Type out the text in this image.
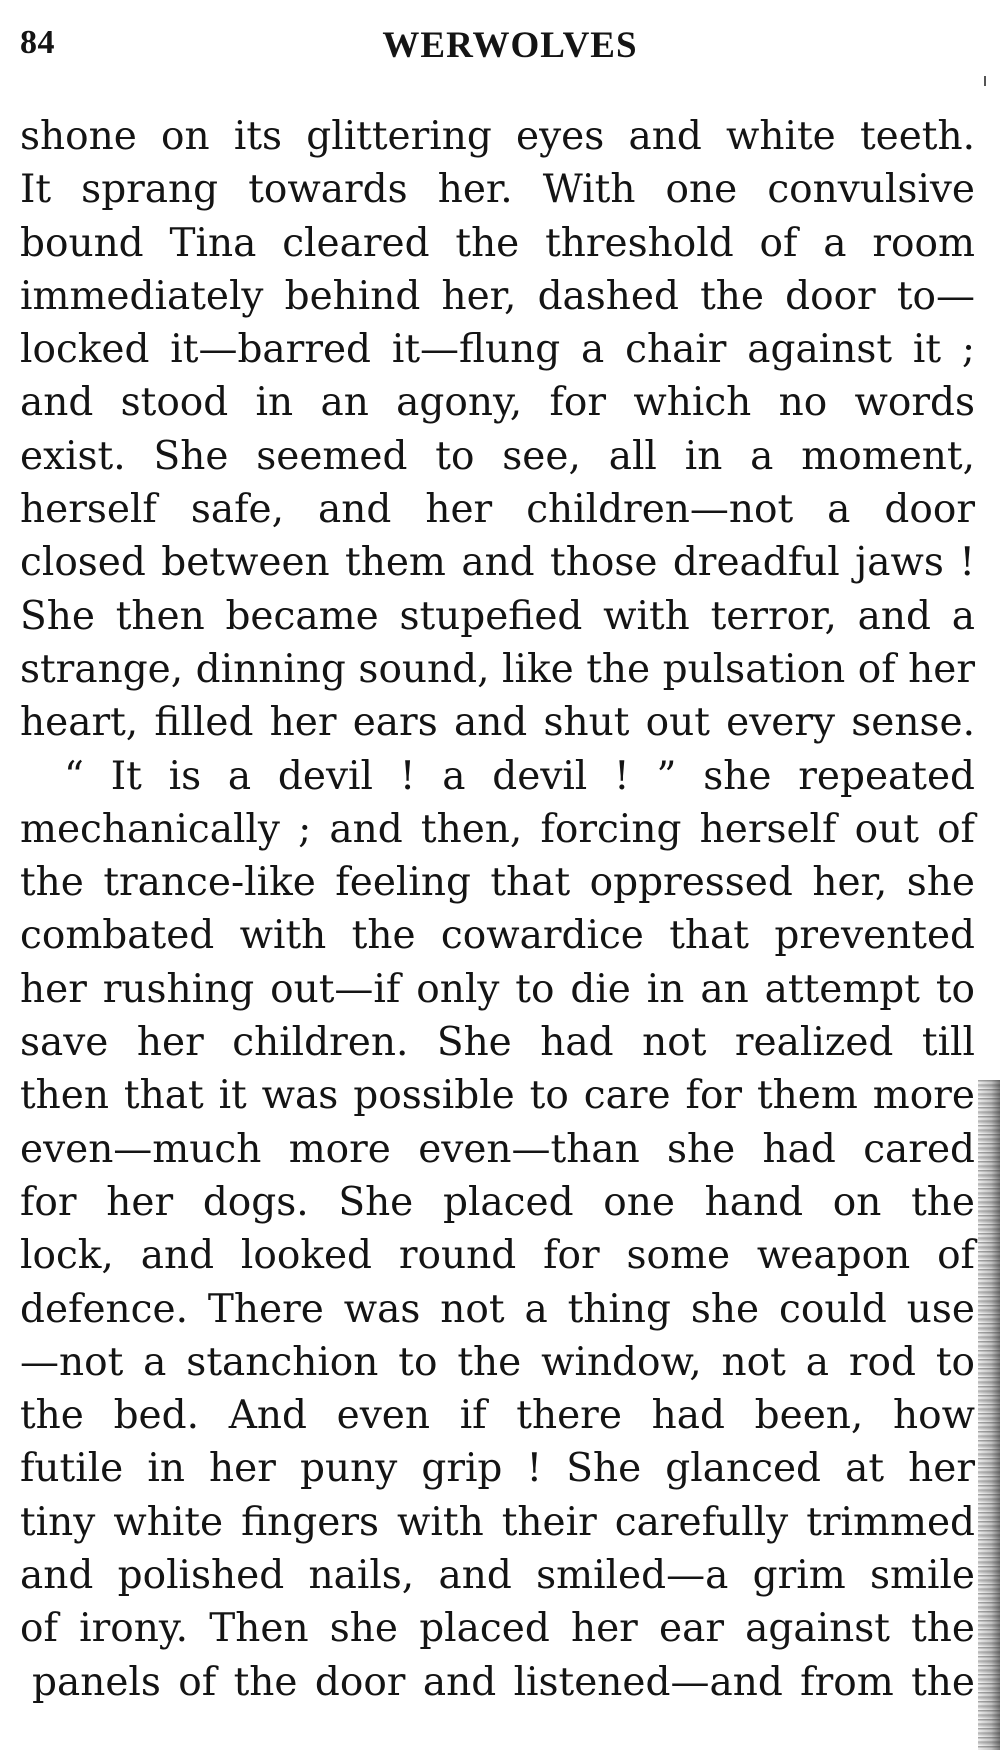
84	WERWOLVES
shone on its glittering eyes and white teeth.
It sprang towards her. With one convulsive
bound Tina cleared the threshold of a room
immediately behind her, dashed the door to—
locked it—barred it—flung a chair against it ;
and stood in an agony, for which no words
exist. She seemed to see, all in a moment,
herself safe, and her children—not a door
closed between them and those dreadful jaws !
She then became stupefied with terror, and a
strange, dinning sound, like the pulsation of her
heart, filled her ears and shut out every sense.
“ It is a devil ! a devil ! ” she repeated
mechanically ; and then, forcing herself out of
the trance-like feeling that oppressed her, she
combated with the cowardice that prevented
her rushing out—if only to die in an attempt to
save her children. She had not realized till
then that it was possible to care for them more
even—much more even—than she had cared
for her dogs. She placed one hand on the
lock, and looked round for some weapon of
defence. There was not a thing she could use
—not a stanchion to the window, not a rod to
the bed. And even if there had been, how
futile in her puny grip ! She glanced at her
tiny white fingers with their carefully trimmed
and polished nails, and smiled—a grim smile
of irony. Then she placed her ear against the
panels of the door and listened—and from the
